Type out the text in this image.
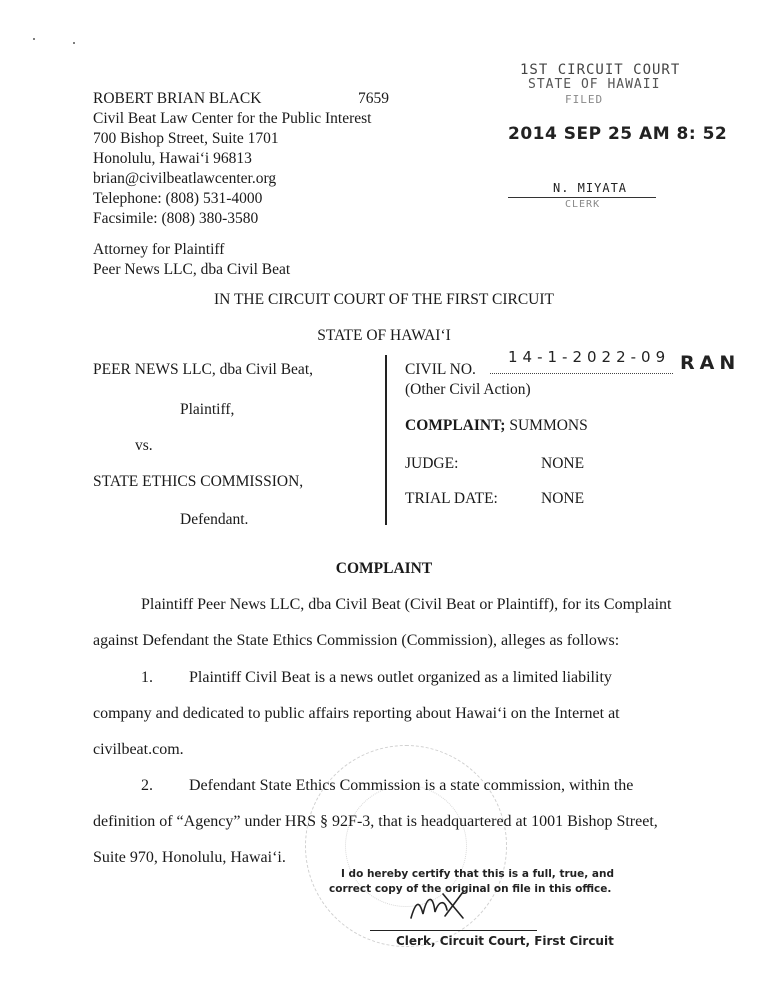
ROBERT BRIAN BLACK	7659
Civil Beat Law Center for the Public Interest
700 Bishop Street, Suite 1701
Honolulu, Hawai‘i 96813
brian@civilbeatlawcenter.org
Telephone: (808) 531-4000
Facsimile: (808) 380-3580
Attorney for Plaintiff
Peer News LLC, dba Civil Beat
1ST CIRCUIT COURT
STATE OF HAWAII
FILED
2014 SEP 25 AM 8: 52
N. MIYATA
CLERK
IN THE CIRCUIT COURT OF THE FIRST CIRCUIT
STATE OF HAWAI‘I
PEER NEWS LLC, dba Civil Beat,
Plaintiff,
vs.
STATE ETHICS COMMISSION,
Defendant.
CIVIL NO.
14-1-2022-09 RAN
(Other Civil Action)
COMPLAINT; SUMMONS
JUDGE:	NONE
TRIAL DATE:	NONE
COMPLAINT
Plaintiff Peer News LLC, dba Civil Beat (Civil Beat or Plaintiff), for its Complaint
against Defendant the State Ethics Commission (Commission), alleges as follows:
1. Plaintiff Civil Beat is a news outlet organized as a limited liability
company and dedicated to public affairs reporting about Hawai‘i on the Internet at
civilbeat.com.
2. Defendant State Ethics Commission is a state commission, within the
definition of “Agency” under HRS § 92F-3, that is headquartered at 1001 Bishop Street,
Suite 970, Honolulu, Hawai‘i.
I do hereby certify that this is a full, true, and
correct copy of the original on file in this office.
Clerk, Circuit Court, First Circuit
